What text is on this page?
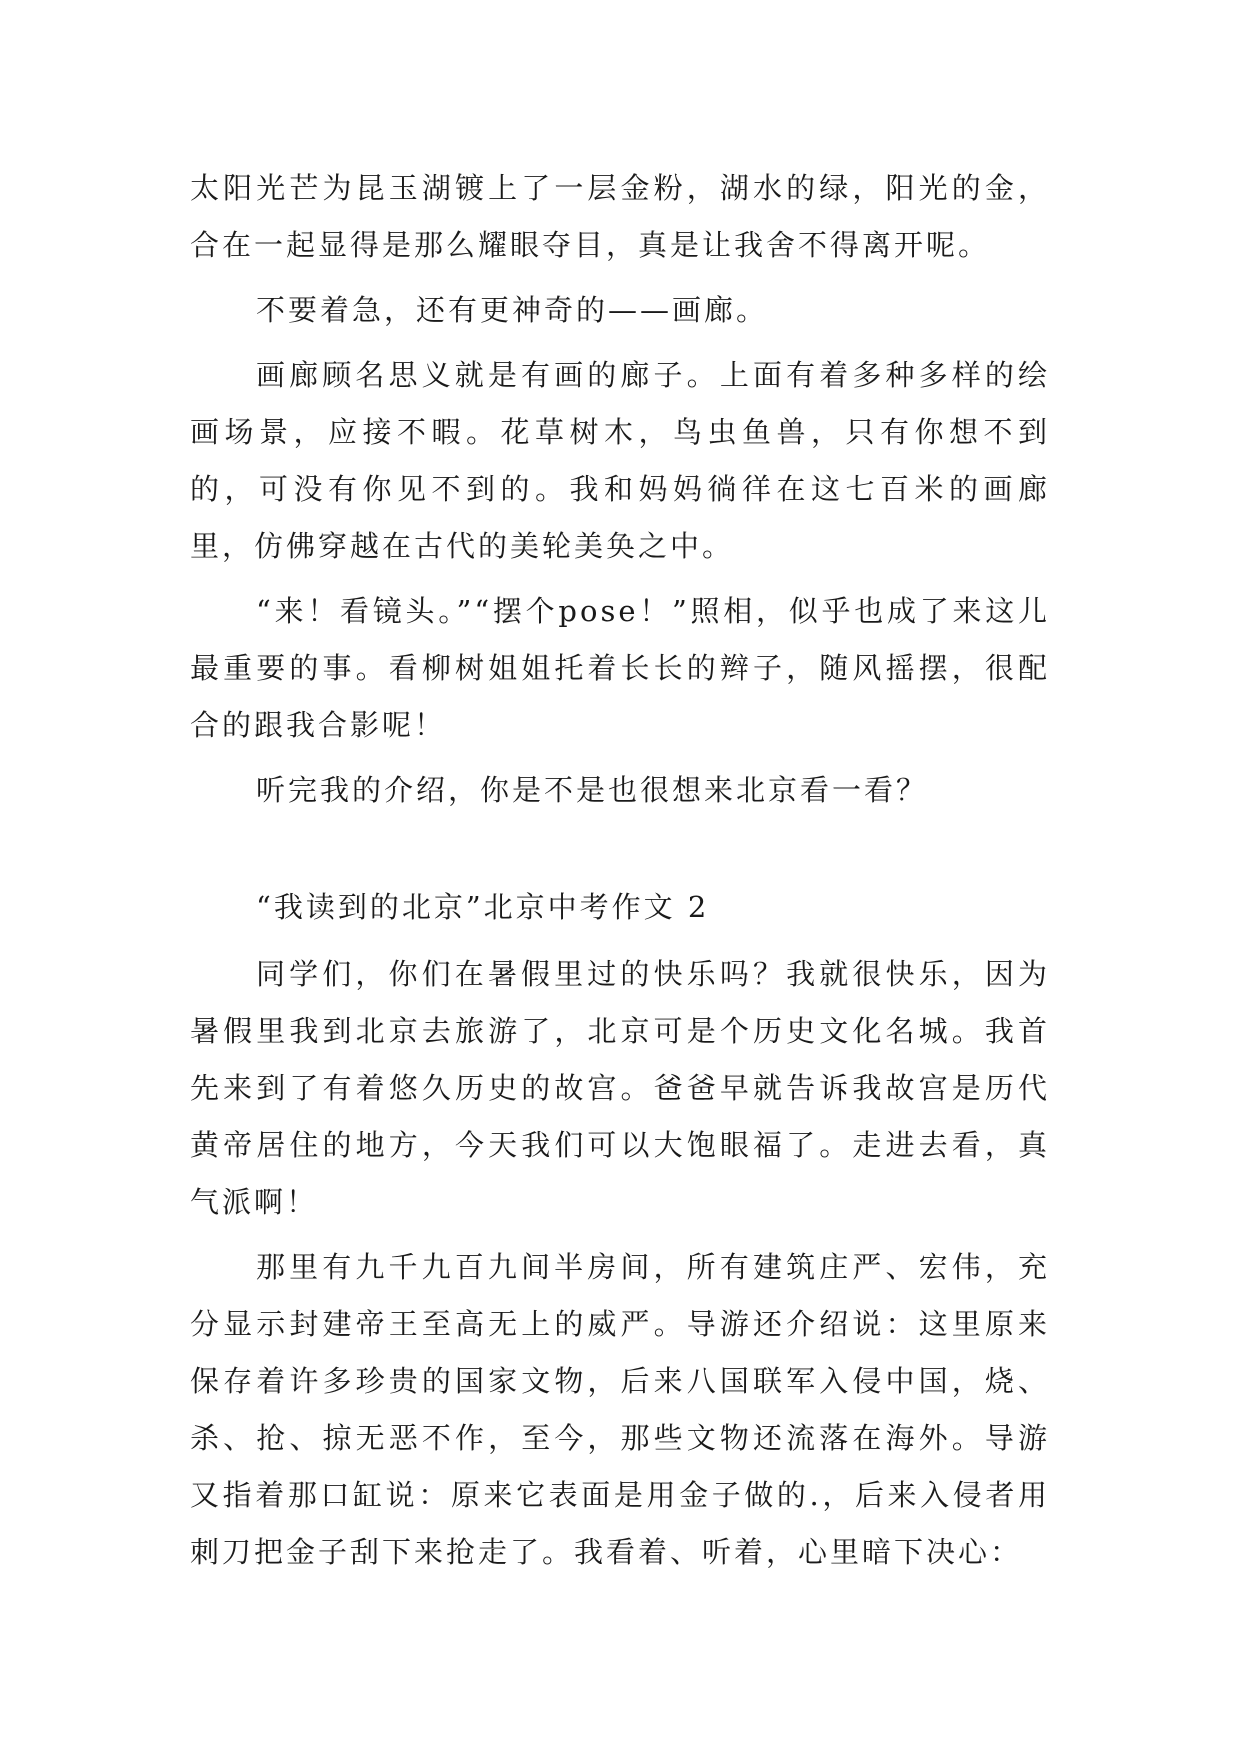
太阳光芒为昆玉湖镀上了一层金粉，湖水的绿，阳光的金，合在一起显得是那么耀眼夺目，真是让我舍不得离开呢。

不要着急，还有更神奇的——画廊。

画廊顾名思义就是有画的廊子。上面有着多种多样的绘画场景，应接不暇。花草树木，鸟虫鱼兽，只有你想不到的，可没有你见不到的。我和妈妈徜徉在这七百米的画廊里，仿佛穿越在古代的美轮美奂之中。

“来！看镜头。”“摆个pose！”照相，似乎也成了来这儿最重要的事。看柳树姐姐托着长长的辫子，随风摇摆，很配合的跟我合影呢！

听完我的介绍，你是不是也很想来北京看一看？

“我读到的北京”北京中考作文 2

同学们，你们在暑假里过的快乐吗？我就很快乐，因为暑假里我到北京去旅游了，北京可是个历史文化名城。我首先来到了有着悠久历史的故宫。爸爸早就告诉我故宫是历代黄帝居住的地方，今天我们可以大饱眼福了。走进去看，真气派啊！

那里有九千九百九间半房间，所有建筑庄严、宏伟，充分显示封建帝王至高无上的威严。导游还介绍说：这里原来保存着许多珍贵的国家文物，后来八国联军入侵中国，烧、杀、抢、掠无恶不作，至今，那些文物还流落在海外。导游又指着那口缸说：原来它表面是用金子做的.，后来入侵者用刺刀把金子刮下来抢走了。我看着、听着，心里暗下决心：
